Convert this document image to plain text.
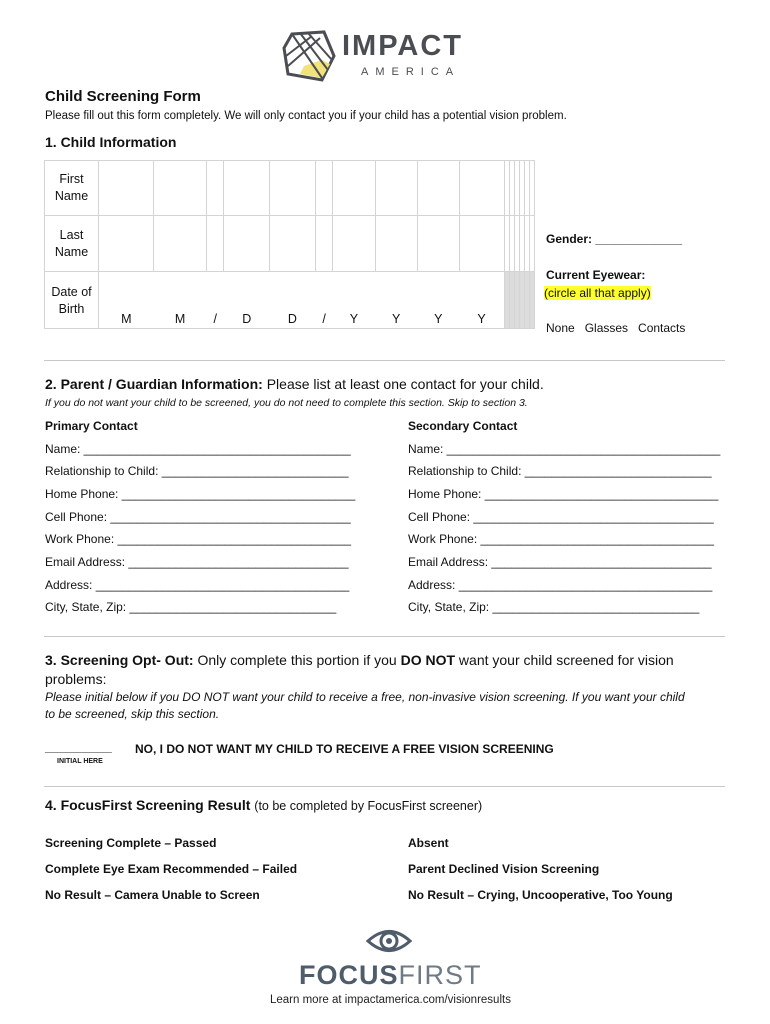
IMPACT
AMERICA
Child Screening Form
Please fill out this form completely. We will only contact you if your child has a potential vision problem.
1. Child Information
First
Name																

Last
Name																

Date of
Birth	M	M	/	D	D	/	Y	Y	Y	Y						
Gender: _____________
Current Eyewear:
(circle all that apply)
None   Glasses   Contacts
2. Parent / Guardian Information: Please list at least one contact for your child.
If you do not want your child to be screened, you do not need to complete this section. Skip to section 3.
Primary Contact	Secondary Contact
Name: ________________________________________
Relationship to Child: ____________________________
Home Phone: ___________________________________
Cell Phone: ____________________________________
Work Phone: ___________________________________
Email Address: _________________________________
Address: ______________________________________
City, State, Zip: _______________________________
Name: _________________________________________
Relationship to Child: ____________________________
Home Phone: ___________________________________
Cell Phone: ____________________________________
Work Phone: ___________________________________
Email Address: _________________________________
Address: ______________________________________
City, State, Zip: _______________________________
3. Screening Opt- Out: Only complete this portion if you DO NOT want your child screened for vision
problems:
Please initial below if you DO NOT want your child to receive a free, non-invasive vision screening. If you want your child
to be screened, skip this section.
__________
INITIAL HERE
NO, I DO NOT WANT MY CHILD TO RECEIVE A FREE VISION SCREENING
4. FocusFirst Screening Result (to be completed by FocusFirst screener)
Screening Complete – Passed
Complete Eye Exam Recommended – Failed
No Result – Camera Unable to Screen
Absent
Parent Declined Vision Screening
No Result – Crying, Uncooperative, Too Young
FOCUSFIRST
Learn more at impactamerica.com/visionresults
